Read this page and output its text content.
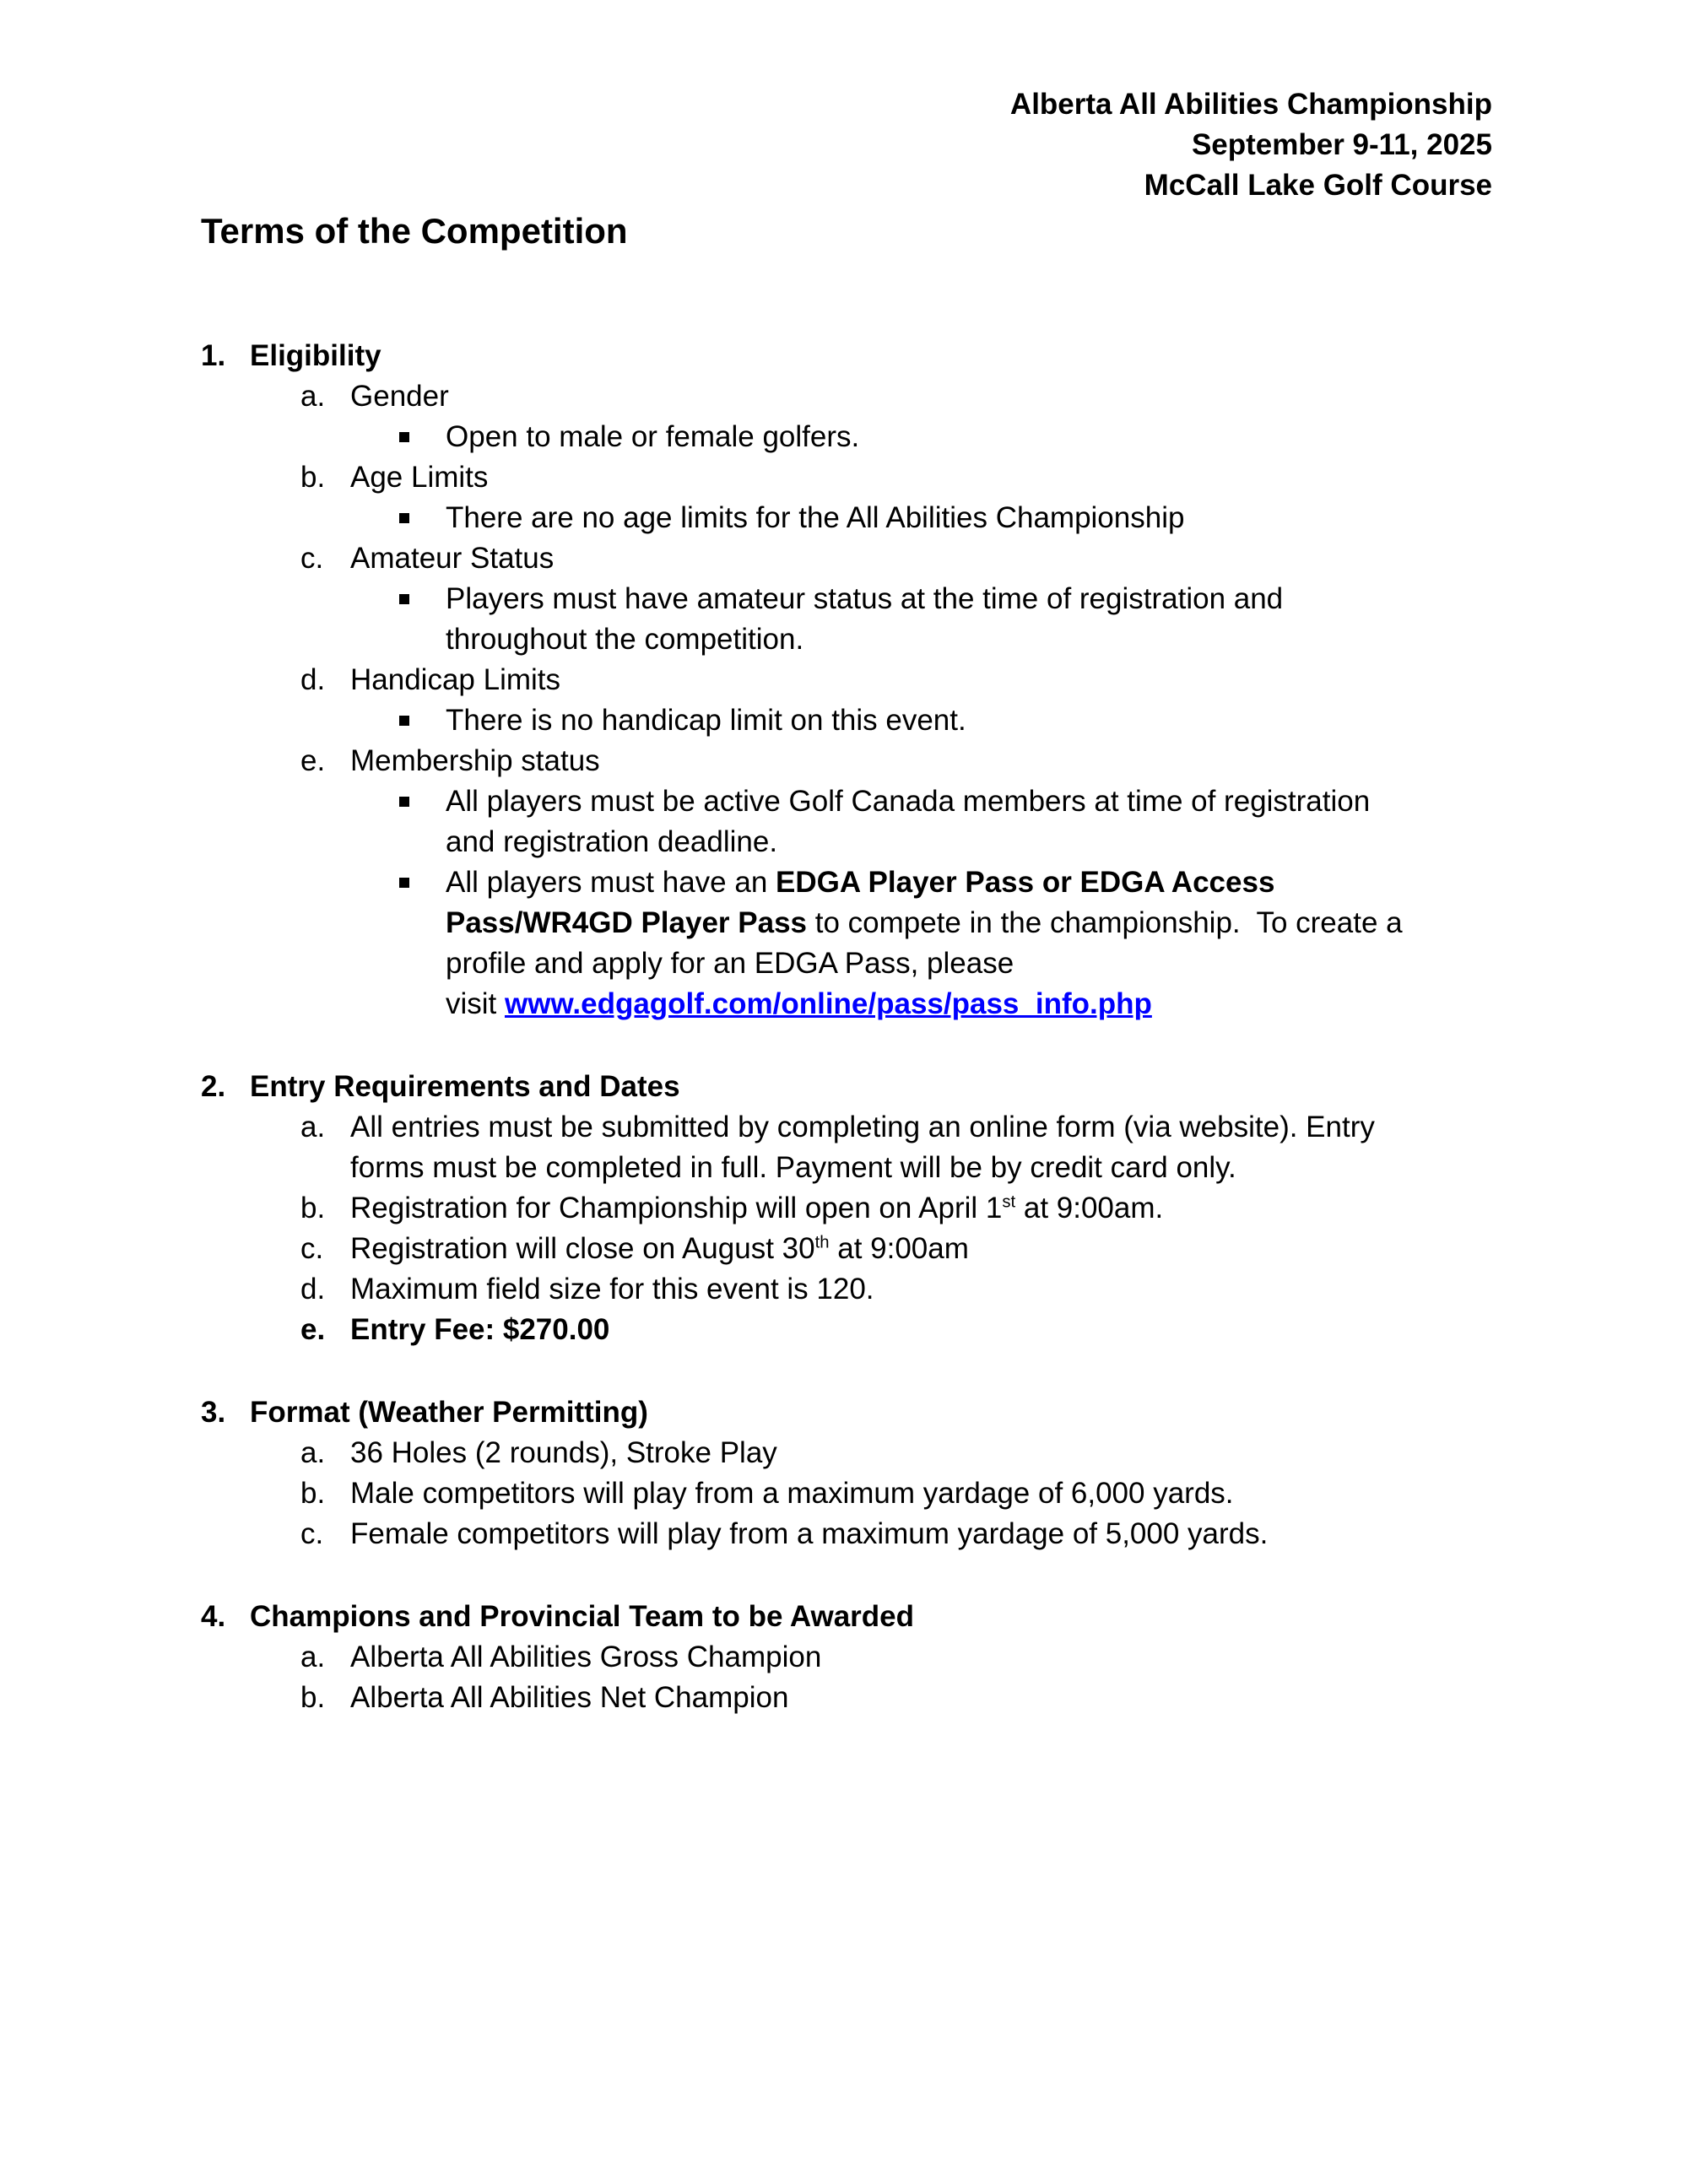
Alberta All Abilities Championship
September 9-11, 2025
McCall Lake Golf Course
Terms of the Competition
1. Eligibility
a. Gender
Open to male or female golfers.
b. Age Limits
There are no age limits for the All Abilities Championship
c. Amateur Status
Players must have amateur status at the time of registration and
throughout the competition.
d. Handicap Limits
There is no handicap limit on this event.
e. Membership status
All players must be active Golf Canada members at time of registration
and registration deadline.
All players must have an EDGA Player Pass or EDGA Access
Pass/WR4GD Player Pass to compete in the championship.  To create a
profile and apply for an EDGA Pass, please
visit www.edgagolf.com/online/pass/pass_info.php
2. Entry Requirements and Dates
a. All entries must be submitted by completing an online form (via website). Entry
forms must be completed in full. Payment will be by credit card only.
b. Registration for Championship will open on April 1st at 9:00am.
c. Registration will close on August 30th at 9:00am
d. Maximum field size for this event is 120.
e. Entry Fee: $270.00
3. Format (Weather Permitting)
a. 36 Holes (2 rounds), Stroke Play
b. Male competitors will play from a maximum yardage of 6,000 yards.
c. Female competitors will play from a maximum yardage of 5,000 yards.
4. Champions and Provincial Team to be Awarded
a. Alberta All Abilities Gross Champion
b. Alberta All Abilities Net Champion
